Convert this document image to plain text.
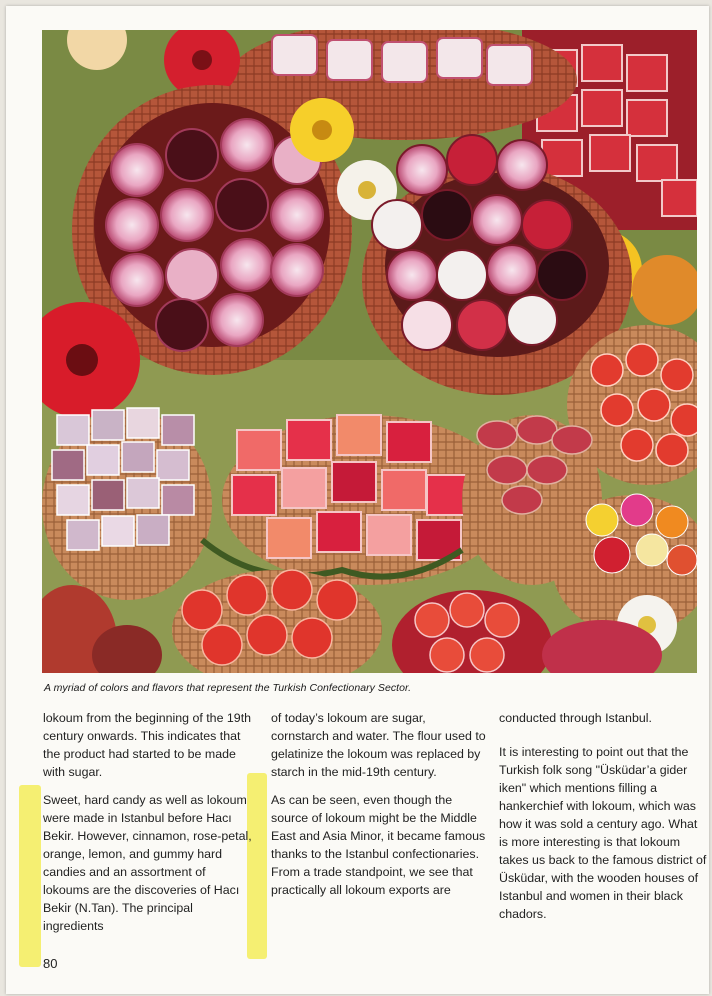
A myriad of colors and flavors that represent the Turkish Confectionary Sector.

lokoum from the beginning of the 19th century onwards. This indicates that the product had started to be made with sugar.

Sweet, hard candy as well as lokoum were made in Istanbul before Hacı Bekir. However, cinnamon, rose-petal, orange, lemon, and gummy hard candies and an assortment of lokoums are the discoveries of Hacı Bekir (N.Tan). The principal ingredients

of today’s lokoum are sugar, cornstarch and water. The flour used to gelatinize the lokoum was replaced by starch in the mid-19th century.

As can be seen, even though the source of lokoum might be the Middle East and Asia Minor, it became famous thanks to the Istanbul confectionaries. From a trade standpoint, we see that practically all lokoum exports are

conducted through Istanbul.

It is interesting to point out that the Turkish folk song "Üsküdar’a gider iken" which mentions filling a hankerchief with lokoum, which was how it was sold a century ago. What is more interesting is that lokoum takes us back to the famous district of Üsküdar, with the wooden houses of Istanbul and women in their black chadors.

80
